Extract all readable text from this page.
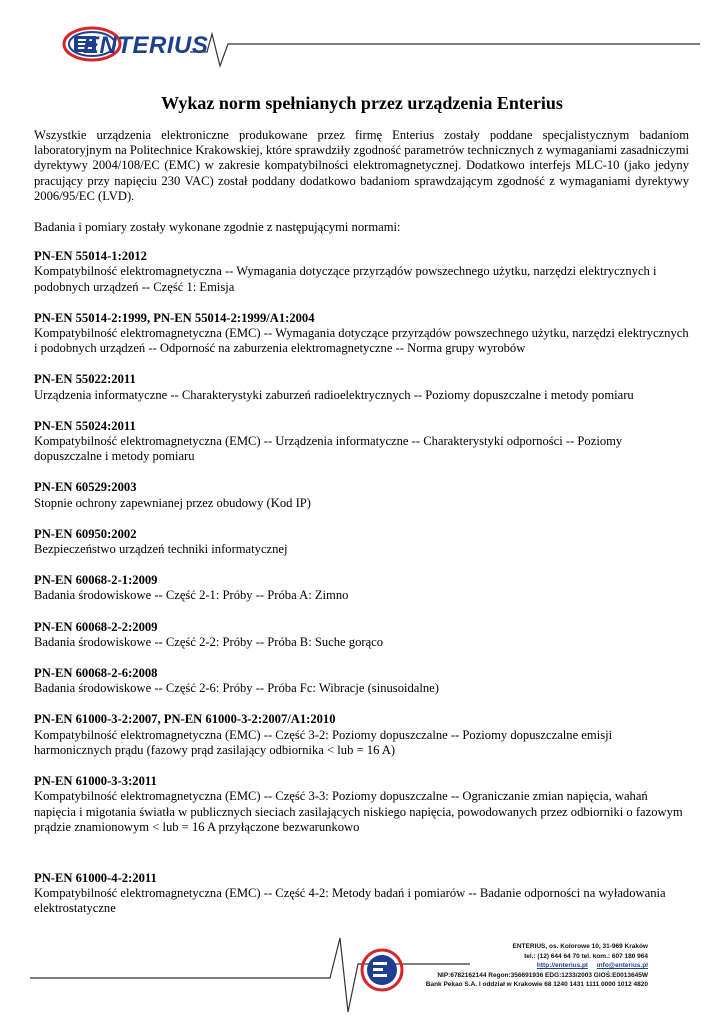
ENTERIUS
Wykaz norm spełnianych przez urządzenia Enterius

Wszystkie urządzenia elektroniczne produkowane przez firmę Enterius zostały poddane specjalistycznym badaniom laboratoryjnym na Politechnice Krakowskiej, które sprawdziły zgodność parametrów technicznych z wymaganiami zasadniczymi dyrektywy 2004/108/EC (EMC) w zakresie kompatybilności elektromagnetycznej. Dodatkowo interfejs MLC-10 (jako jedyny pracujący przy napięciu 230 VAC) został poddany dodatkowo badaniom sprawdzającym zgodność z wymaganiami dyrektywy 2006/95/EC (LVD).

Badania i pomiary zostały wykonane zgodnie z następującymi normami:

PN-EN 55014-1:2012
Kompatybilność elektromagnetyczna -- Wymagania dotyczące przyrządów powszechnego użytku, narzędzi elektrycznych i podobnych urządzeń -- Część 1: Emisja
PN-EN 55014-2:1999, PN-EN 55014-2:1999/A1:2004
Kompatybilność elektromagnetyczna (EMC) -- Wymagania dotyczące przyrządów powszechnego użytku, narzędzi elektrycznych i podobnych urządzeń -- Odporność na zaburzenia elektromagnetyczne -- Norma grupy wyrobów
PN-EN 55022:2011
Urządzenia informatyczne -- Charakterystyki zaburzeń radioelektrycznych -- Poziomy dopuszczalne i metody pomiaru
PN-EN 55024:2011
Kompatybilność elektromagnetyczna (EMC) -- Urządzenia informatyczne -- Charakterystyki odporności -- Poziomy dopuszczalne i metody pomiaru
PN-EN 60529:2003
Stopnie ochrony zapewnianej przez obudowy (Kod IP)
PN-EN 60950:2002
Bezpieczeństwo urządzeń techniki informatycznej
PN-EN 60068-2-1:2009
Badania środowiskowe -- Część 2-1: Próby -- Próba A: Zimno
PN-EN 60068-2-2:2009
Badania środowiskowe -- Część 2-2: Próby -- Próba B: Suche gorąco
PN-EN 60068-2-6:2008
Badania środowiskowe -- Część 2-6: Próby -- Próba Fc: Wibracje (sinusoidalne)
PN-EN 61000-3-2:2007, PN-EN 61000-3-2:2007/A1:2010
Kompatybilność elektromagnetyczna (EMC) -- Część 3-2: Poziomy dopuszczalne -- Poziomy dopuszczalne emisji harmonicznych prądu (fazowy prąd zasilający odbiornika < lub = 16 A)
PN-EN 61000-3-3:2011
Kompatybilność elektromagnetyczna (EMC) -- Część 3-3: Poziomy dopuszczalne -- Ograniczanie zmian napięcia, wahań napięcia i migotania światła w publicznych sieciach zasilających niskiego napięcia, powodowanych przez odbiorniki o fazowym prądzie znamionowym < lub = 16 A przyłączone bezwarunkowo
PN-EN 61000-4-2:2011
Kompatybilność elektromagnetyczna (EMC) -- Część 4-2: Metody badań i pomiarów -- Badanie odporności na wyładowania elektrostatyczne
ENTERIUS, os. Kolorowe 10, 31-969 Kraków
tel.: (12) 644 64 70 tel. kom.: 607 180 964
http://enterius.pl info@enterius.pl
NIP:6782162144 Regon:356691936 EDG:1233/2003 GIOŚ:E0013645W
Bank Pekao S.A. I oddział w Krakowie 68 1240 1431 1111 0000 1012 4820
